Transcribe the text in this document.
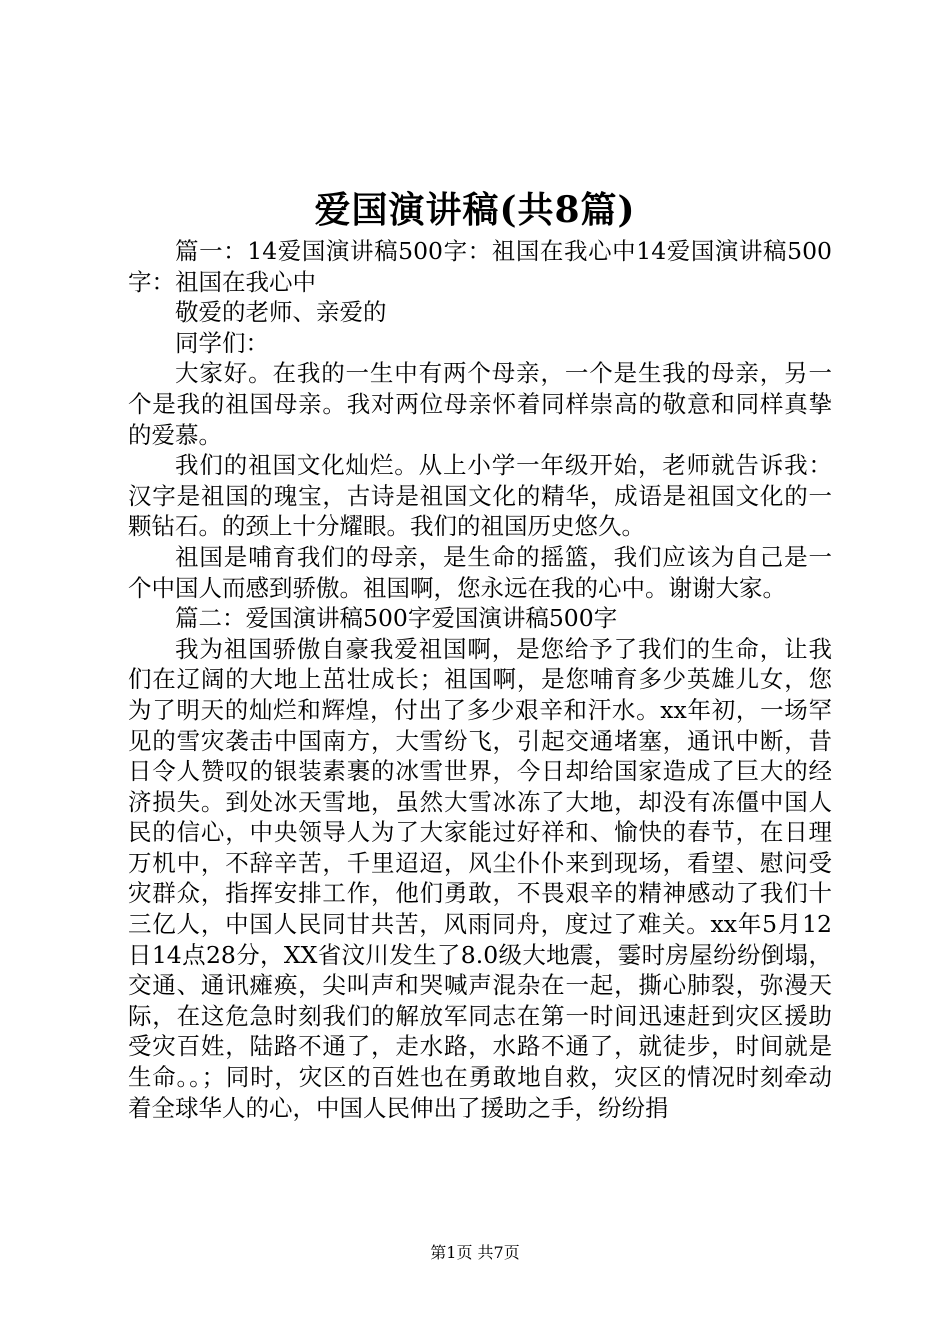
爱国演讲稿(共8篇)

篇一：14爱国演讲稿500字：祖国在我心中14爱国演讲稿500字：祖国在我心中

敬爱的老师、亲爱的

同学们：

大家好。在我的一生中有两个母亲，一个是生我的母亲，另一个是我的祖国母亲。我对两位母亲怀着同样崇高的敬意和同样真挚的爱慕。

我们的祖国文化灿烂。从上小学一年级开始，老师就告诉我：汉字是祖国的瑰宝，古诗是祖国文化的精华，成语是祖国文化的一颗钻石。的颈上十分耀眼。我们的祖国历史悠久。

祖国是哺育我们的母亲，是生命的摇篮，我们应该为自己是一个中国人而感到骄傲。祖国啊，您永远在我的心中。谢谢大家。

篇二：爱国演讲稿500字爱国演讲稿500字

我为祖国骄傲自豪我爱祖国啊，是您给予了我们的生命，让我们在辽阔的大地上茁壮成长；祖国啊，是您哺育多少英雄儿女，您为了明天的灿烂和辉煌，付出了多少艰辛和汗水。xx年初，一场罕见的雪灾袭击中国南方，大雪纷飞，引起交通堵塞，通讯中断，昔日令人赞叹的银装素裹的冰雪世界，今日却给国家造成了巨大的经济损失。到处冰天雪地，虽然大雪冰冻了大地，却没有冻僵中国人民的信心，中央领导人为了大家能过好祥和、愉快的春节，在日理万机中，不辞辛苦，千里迢迢，风尘仆仆来到现场，看望、慰问受灾群众，指挥安排工作，他们勇敢，不畏艰辛的精神感动了我们十三亿人，中国人民同甘共苦，风雨同舟，度过了难关。xx年5月12日14点28分，XX省汶川发生了8.0级大地震，霎时房屋纷纷倒塌，交通、通讯瘫痪，尖叫声和哭喊声混杂在一起，撕心肺裂，弥漫天际，在这危急时刻我们的解放军同志在第一时间迅速赶到灾区援助受灾百姓，陆路不通了，走水路，水路不通了，就徒步，时间就是生命。。；同时，灾区的百姓也在勇敢地自救，灾区的情况时刻牵动着全球华人的心，中国人民伸出了援助之手，纷纷捐

第1页 共7页
